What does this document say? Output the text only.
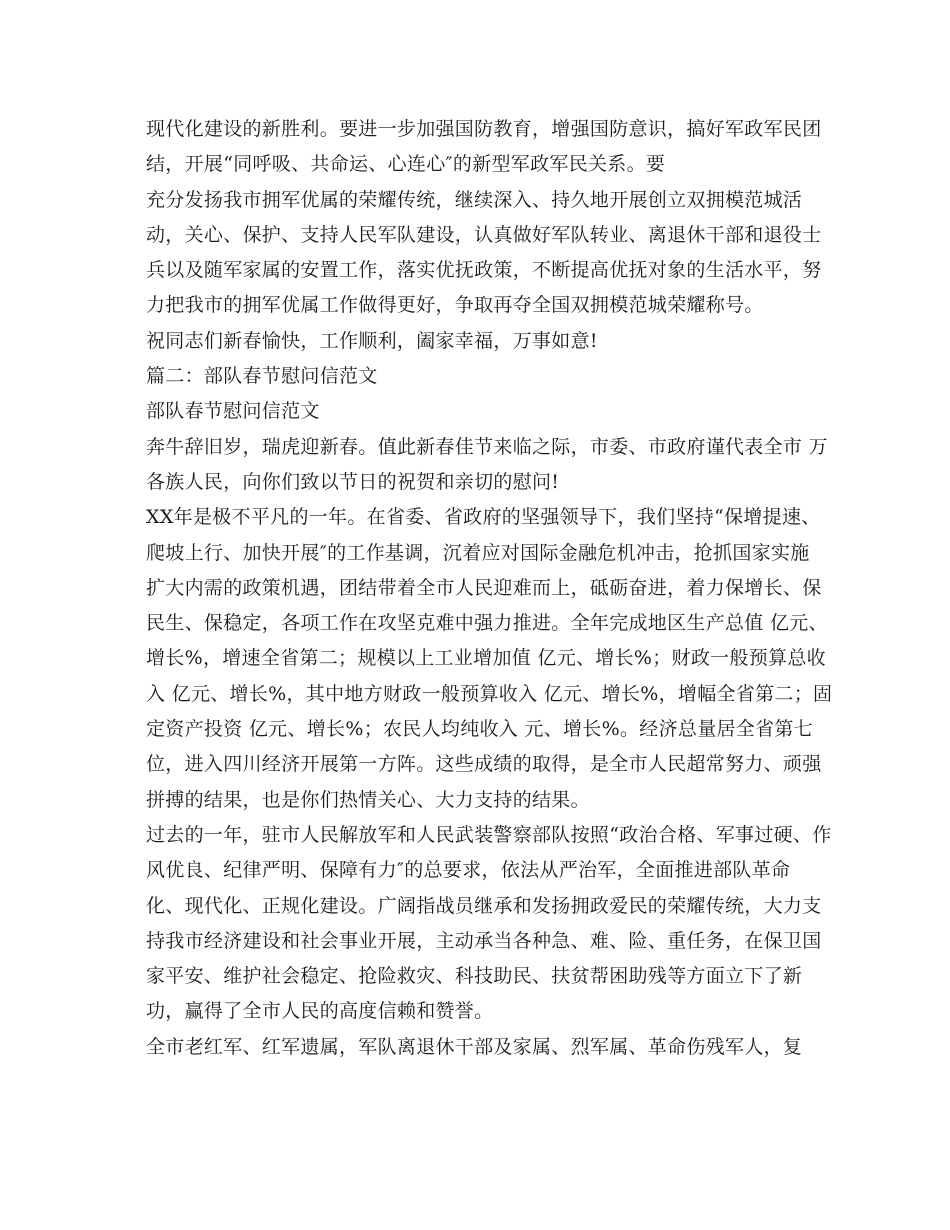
现代化建设的新胜利。要进一步加强国防教育，增强国防意识，搞好军政军民团
结，开展“同呼吸、共命运、心连心″的新型军政军民关系。要
充分发扬我市拥军优属的荣耀传统，继续深入、持久地开展创立双拥模范城活
动，关心、保护、支持人民军队建设，认真做好军队转业、离退休干部和退役士
兵以及随军家属的安置工作，落实优抚政策，不断提高优抚对象的生活水平，努
力把我市的拥军优属工作做得更好，争取再夺全国双拥模范城荣耀称号。
祝同志们新春愉快，工作顺利，阖家幸福，万事如意!
篇二：部队春节慰问信范文
部队春节慰问信范文
奔牛辞旧岁，瑞虎迎新春。值此新春佳节来临之际，市委、市政府谨代表全市 万
各族人民，向你们致以节日的祝贺和亲切的慰问!
XX年是极不平凡的一年。在省委、省政府的坚强领导下，我们坚持“保增提速、
爬坡上行、加快开展″的工作基调，沉着应对国际金融危机冲击，抢抓国家实施
扩大内需的政策机遇，团结带着全市人民迎难而上，砥砺奋进，着力保增长、保
民生、保稳定，各项工作在攻坚克难中强力推进。全年完成地区生产总值 亿元、
增长%，增速全省第二；规模以上工业增加值 亿元、增长%；财政一般预算总收
入 亿元、增长%，其中地方财政一般预算收入 亿元、增长%，增幅全省第二；固
定资产投资 亿元、增长%；农民人均纯收入 元、增长%。经济总量居全省第七
位，进入四川经济开展第一方阵。这些成绩的取得，是全市人民超常努力、顽强
拼搏的结果，也是你们热情关心、大力支持的结果。
过去的一年，驻市人民解放军和人民武装警察部队按照“政治合格、军事过硬、作
风优良、纪律严明、保障有力″的总要求，依法从严治军，全面推进部队革命
化、现代化、正规化建设。广阔指战员继承和发扬拥政爱民的荣耀传统，大力支
持我市经济建设和社会事业开展，主动承当各种急、难、险、重任务，在保卫国
家平安、维护社会稳定、抢险救灾、科技助民、扶贫帮困助残等方面立下了新
功，赢得了全市人民的高度信赖和赞誉。
全市老红军、红军遗属，军队离退休干部及家属、烈军属、革命伤残军人，复
